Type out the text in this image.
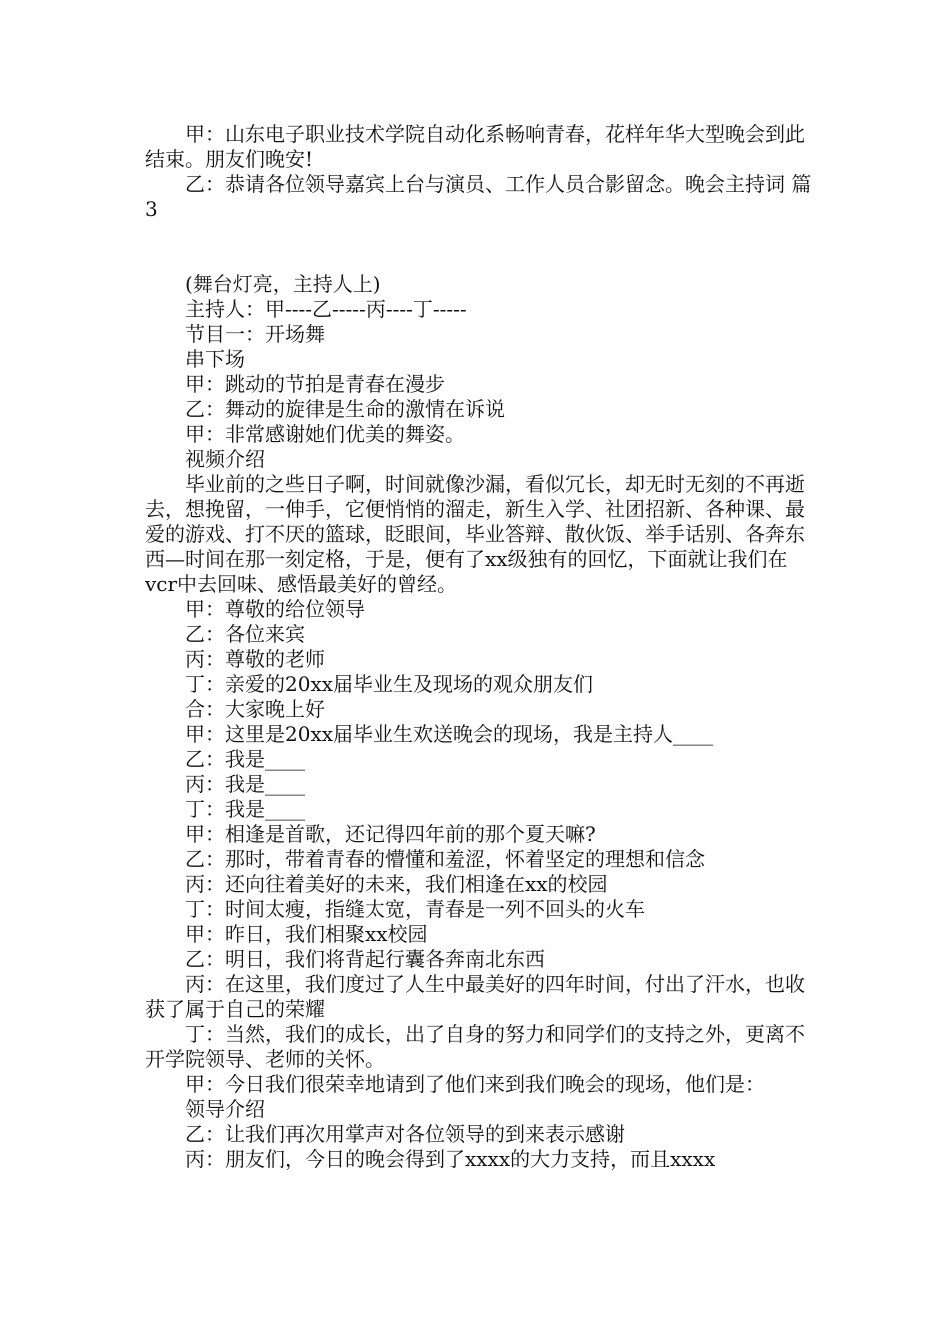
甲：山东电子职业技术学院自动化系畅响青春，花样年华大型晚会到此结束。朋友们晚安!

乙：恭请各位领导嘉宾上台与演员、工作人员合影留念。晚会主持词 篇3

(舞台灯亮，主持人上)

主持人：甲----乙-----丙----丁-----

节目一：开场舞

串下场

甲：跳动的节拍是青春在漫步

乙：舞动的旋律是生命的激情在诉说

甲：非常感谢她们优美的舞姿。

视频介绍

毕业前的之些日子啊，时间就像沙漏，看似冗长，却无时无刻的不再逝去，想挽留，一伸手，它便悄悄的溜走，新生入学、社团招新、各种课、最爱的游戏、打不厌的篮球，眨眼间，毕业答辩、散伙饭、举手话别、各奔东西—时间在那一刻定格，于是，便有了xx级独有的回忆，下面就让我们在vcr中去回味、感悟最美好的曾经。

甲：尊敬的给位领导

乙：各位来宾

丙：尊敬的老师

丁：亲爱的20xx届毕业生及现场的观众朋友们

合：大家晚上好

甲：这里是20xx届毕业生欢送晚会的现场，我是主持人____

乙：我是____

丙：我是____

丁：我是____

甲：相逢是首歌，还记得四年前的那个夏天嘛?

乙：那时，带着青春的懵懂和羞涩，怀着坚定的理想和信念

丙：还向往着美好的未来，我们相逢在xx的校园

丁：时间太瘦，指缝太宽，青春是一列不回头的火车

甲：昨日，我们相聚xx校园

乙：明日，我们将背起行囊各奔南北东西

丙：在这里，我们度过了人生中最美好的四年时间，付出了汗水，也收获了属于自己的荣耀

丁：当然，我们的成长，出了自身的努力和同学们的支持之外，更离不开学院领导、老师的关怀。

甲：今日我们很荣幸地请到了他们来到我们晚会的现场，他们是：

领导介绍

乙：让我们再次用掌声对各位领导的到来表示感谢

丙：朋友们，今日的晚会得到了xxxx的大力支持，而且xxxx
